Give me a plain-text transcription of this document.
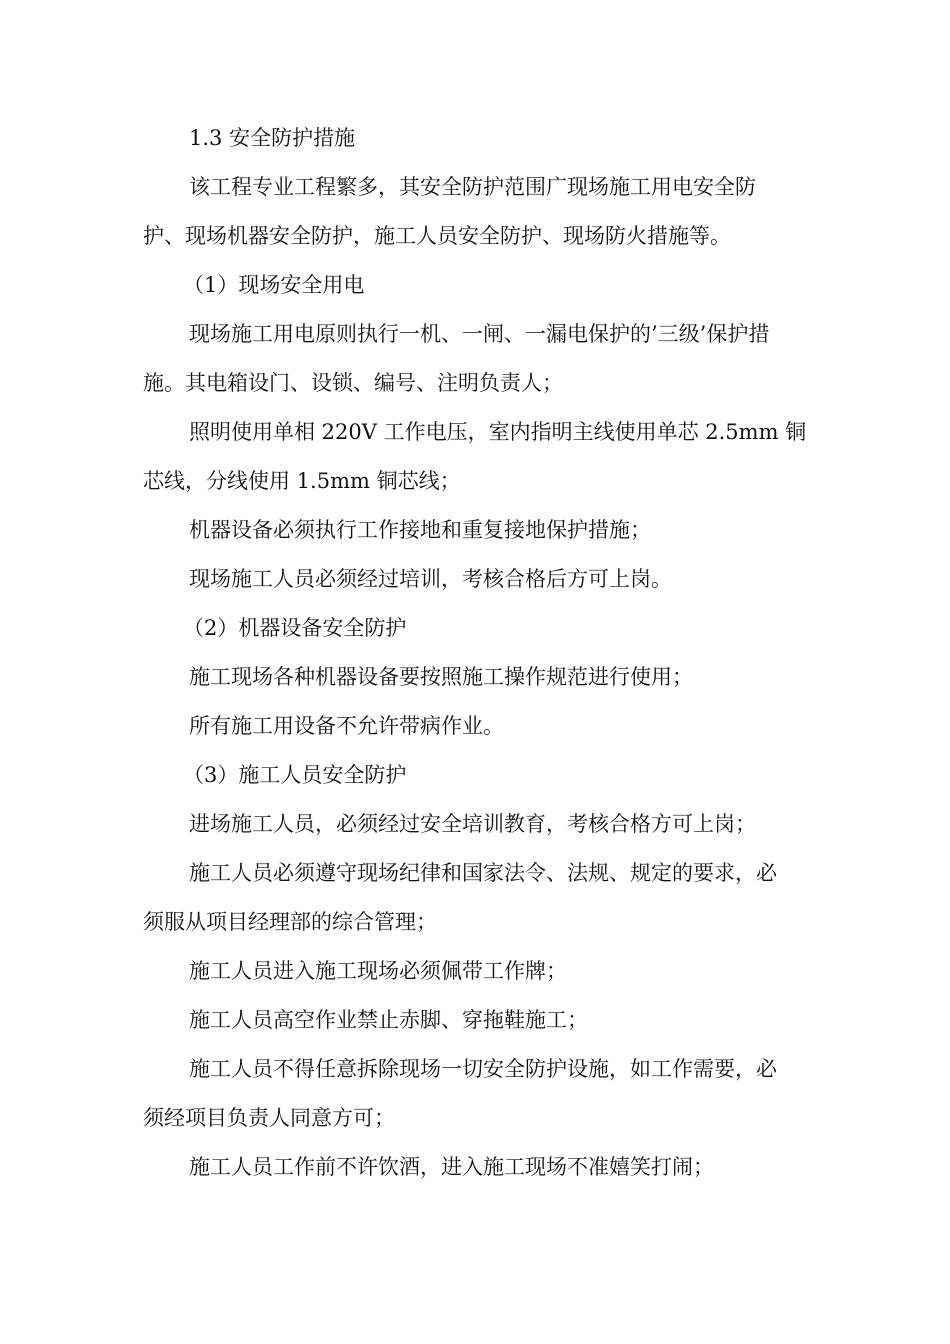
1.3 安全防护措施
该工程专业工程繁多，其安全防护范围广现场施工用电安全防
护、现场机器安全防护，施工人员安全防护、现场防火措施等。
（1）现场安全用电
现场施工用电原则执行一机、一闸、一漏电保护的’三级’保护措
施。其电箱设门、设锁、编号、注明负责人；
照明使用单相 220V 工作电压，室内指明主线使用单芯 2.5mm 铜
芯线，分线使用 1.5mm 铜芯线；
机器设备必须执行工作接地和重复接地保护措施；
现场施工人员必须经过培训，考核合格后方可上岗。
（2）机器设备安全防护
施工现场各种机器设备要按照施工操作规范进行使用；
所有施工用设备不允许带病作业。
（3）施工人员安全防护
进场施工人员，必须经过安全培训教育，考核合格方可上岗；
施工人员必须遵守现场纪律和国家法令、法规、规定的要求，必
须服从项目经理部的综合管理；
施工人员进入施工现场必须佩带工作牌；
施工人员高空作业禁止赤脚、穿拖鞋施工；
施工人员不得任意拆除现场一切安全防护设施，如工作需要，必
须经项目负责人同意方可；
施工人员工作前不许饮酒，进入施工现场不准嬉笑打闹；
